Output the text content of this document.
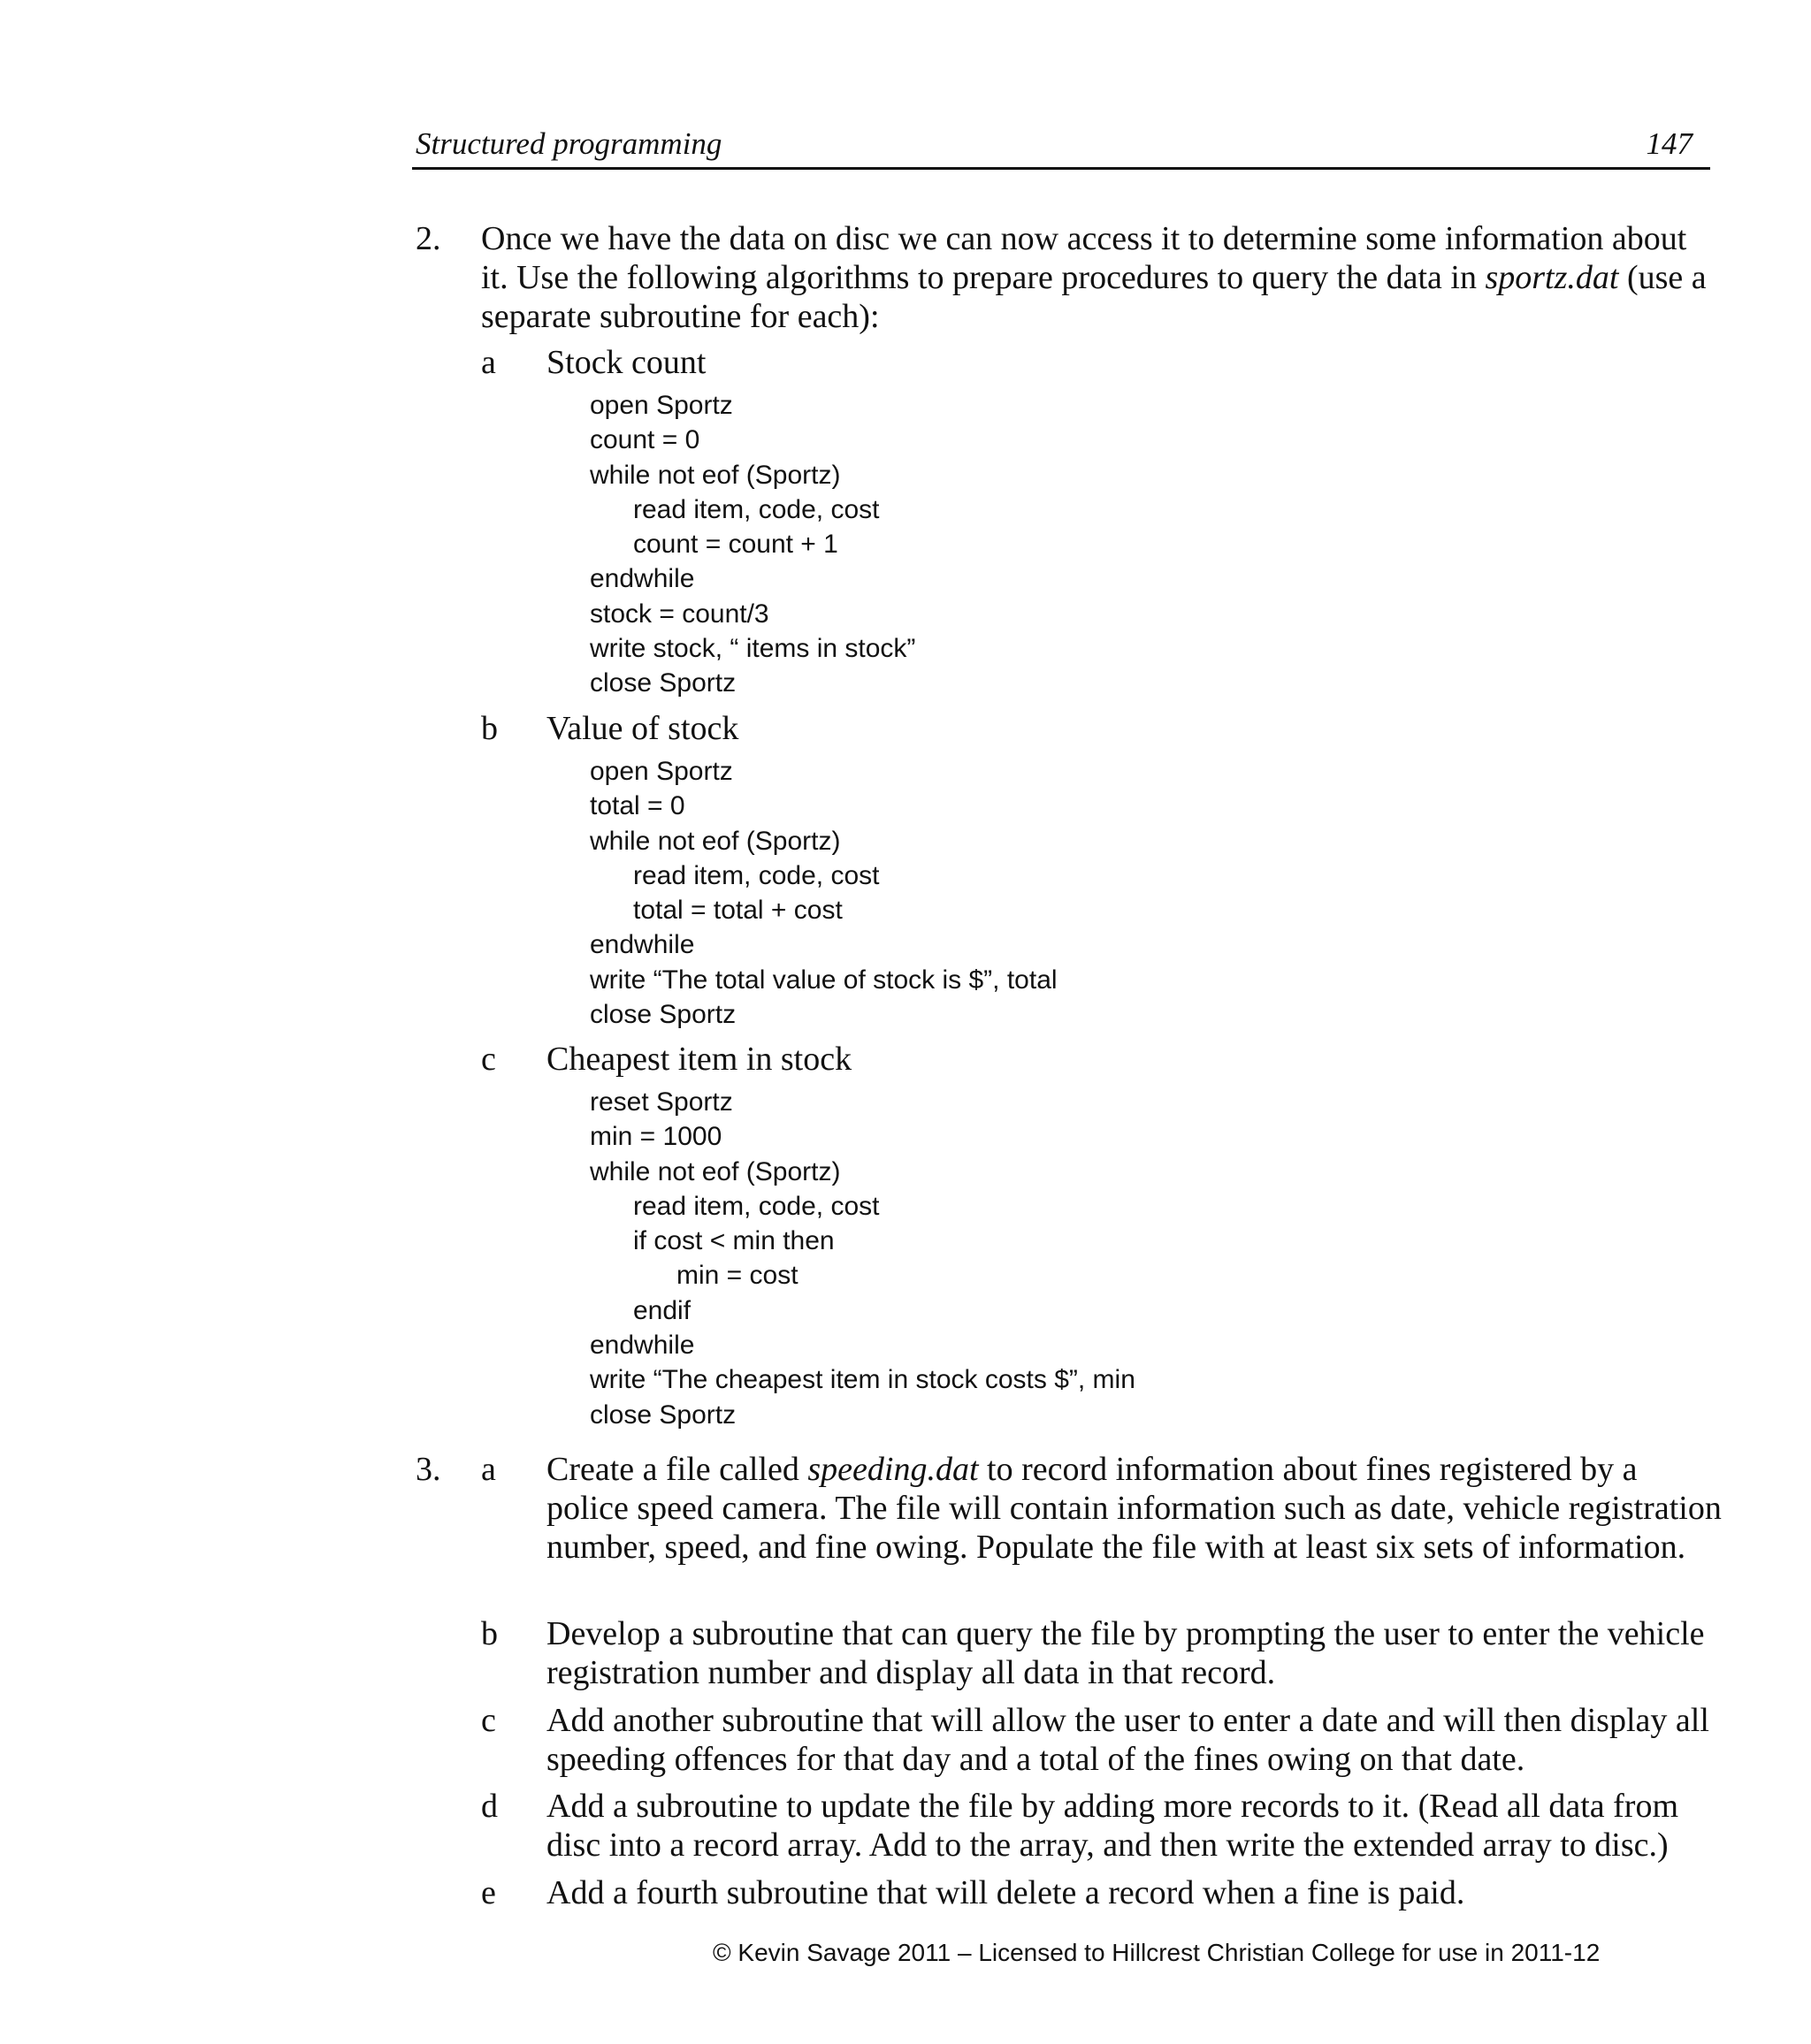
Structured programming	147
2. Once we have the data on disc we can now access it to determine some information about it. Use the following algorithms to prepare procedures to query the data in sportz.dat (use a separate subroutine for each):
a Stock count
open Sportz
count = 0
while not eof (Sportz)
read item, code, cost
count = count + 1
endwhile
stock = count/3
write stock, “ items in stock”
close Sportz
b Value of stock
open Sportz
total = 0
while not eof (Sportz)
read item, code, cost
total = total + cost
endwhile
write “The total value of stock is $”, total
close Sportz
c Cheapest item in stock
reset Sportz
min = 1000
while not eof (Sportz)
read item, code, cost
if cost < min then
min = cost
endif
endwhile
write “The cheapest item in stock costs $”, min
close Sportz
3. a Create a file called speeding.dat to record information about fines registered by a police speed camera. The file will contain information such as date, vehicle registration number, speed, and fine owing. Populate the file with at least six sets of information.
b Develop a subroutine that can query the file by prompting the user to enter the vehicle registration number and display all data in that record.
c Add another subroutine that will allow the user to enter a date and will then display all speeding offences for that day and a total of the fines owing on that date.
d Add a subroutine to update the file by adding more records to it. (Read all data from disc into a record array. Add to the array, and then write the extended array to disc.)
e Add a fourth subroutine that will delete a record when a fine is paid.
© Kevin Savage 2011 – Licensed to Hillcrest Christian College for use in 2011-12
